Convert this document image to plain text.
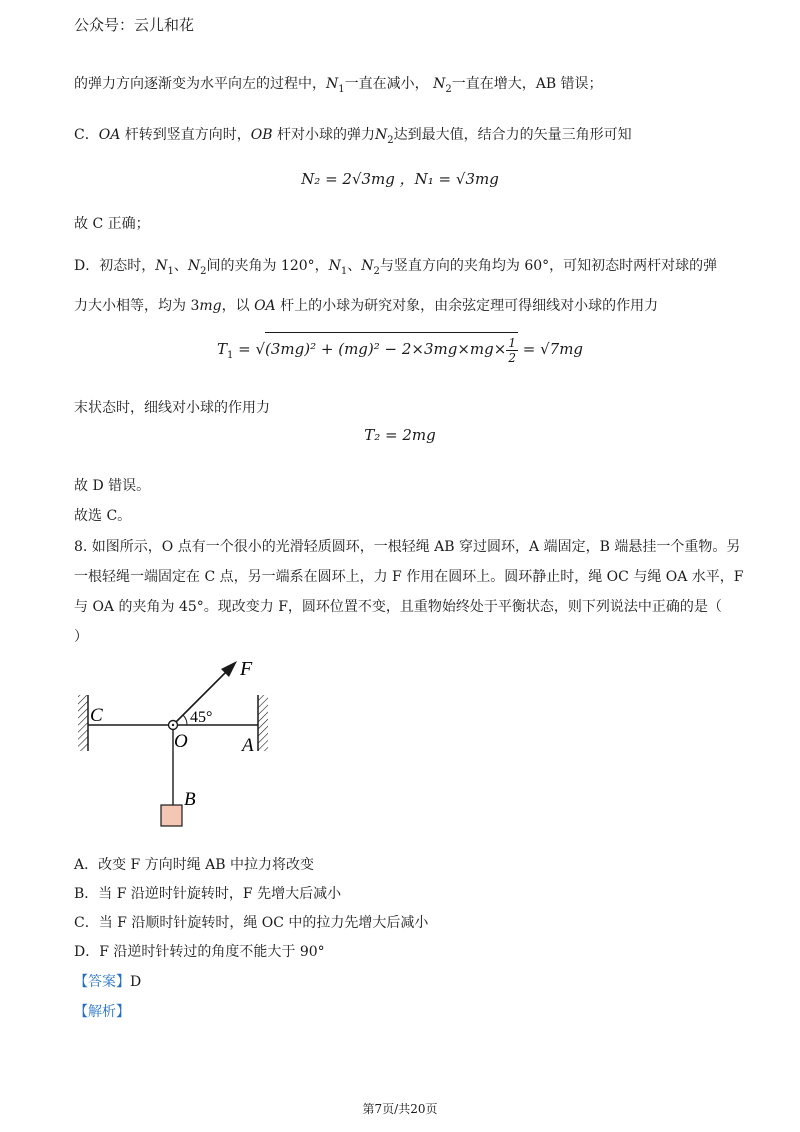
公众号：云儿和花
的弹力方向逐渐变为水平向左的过程中，$N_1$一直在减小， $N_2$一直在增大，AB 错误；
C．OA 杆转到竖直方向时，OB 杆对小球的弹力$N_2$达到最大值，结合力的矢量三角形可知
N₂ = 2√3mg ，N₁ = √3mg
故 C 正确；
D．初态时，$N_1$、$N_2$间的夹角为 120°，$N_1$、$N_2$与竖直方向的夹角均为 60°，可知初态时两杆对球的弹
力大小相等，均为 3mg，以 OA 杆上的小球为研究对象，由余弦定理可得细线对小球的作用力
$T_1 = √(3mg)^2 + (mg)^2 - 2\times 3mg\times mg\times \frac{1}{2} = √7mg$
末状态时，细线对小球的作用力
T₂ = 2mg
故 D 错误。
故选 C。
8. 如图所示，O 点有一个很小的光滑轻质圆环，一根轻绳 AB 穿过圆环，A 端固定，B 端悬挂一个重物。另
一根轻绳一端固定在 C 点，另一端系在圆环上，力 F 作用在圆环上。圆环静止时，绳 OC 与绳 OA 水平，F
与 OA 的夹角为 45°。现改变力 F，圆环位置不变，且重物始终处于平衡状态，则下列说法中正确的是（
）
F
C
O	A
B
45°
A．改变 F 方向时绳 AB 中拉力将改变
B．当 F 沿逆时针旋转时，F 先增大后减小
C．当 F 沿顺时针旋转时，绳 OC 中的拉力先增大后减小
D．F 沿逆时针转过的角度不能大于 90°
【答案】D
【解析】
第7页/共20页
